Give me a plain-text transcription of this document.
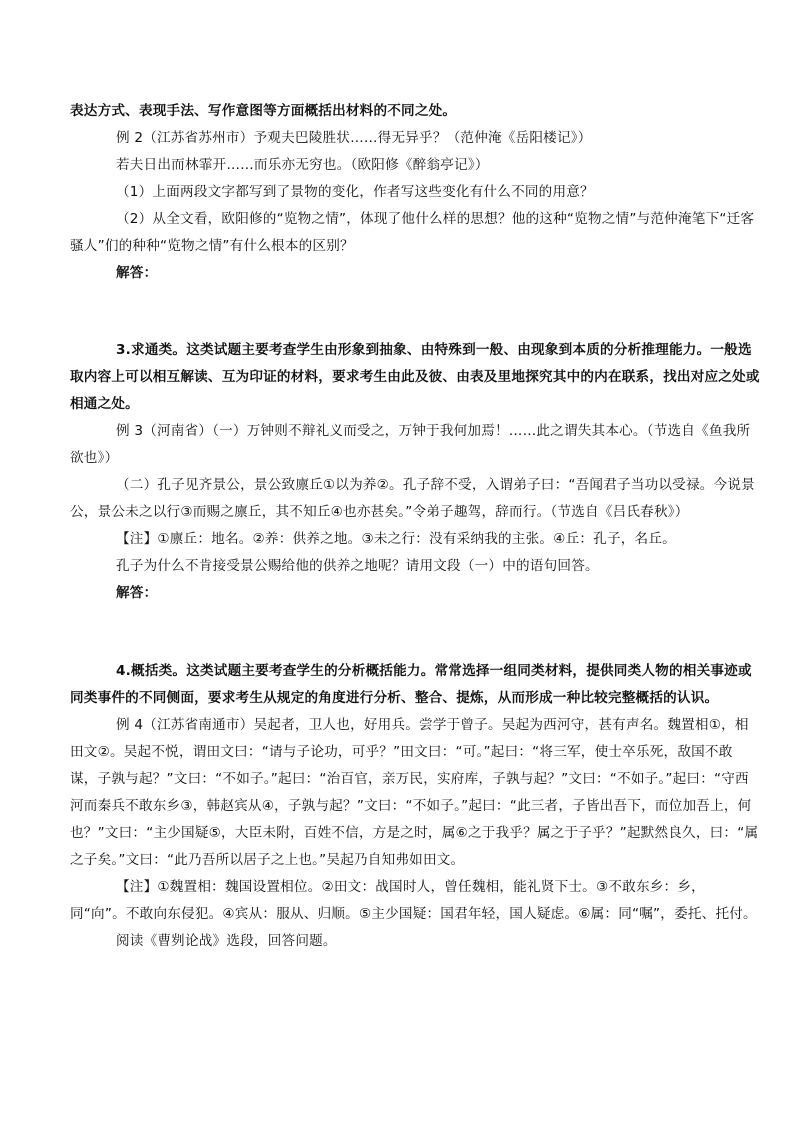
表达方式、表现手法、写作意图等方面概括出材料的不同之处。

例 2（江苏省苏州市）予观夫巴陵胜状……得无异乎？（范仲淹《岳阳楼记》）

若夫日出而林霏开……而乐亦无穷也。（欧阳修《醉翁亭记》）

（1）上面两段文字都写到了景物的变化，作者写这些变化有什么不同的用意？

（2）从全文看，欧阳修的“览物之情”，体现了他什么样的思想？他的这种“览物之情”与范仲淹笔下“迁客骚人”们的种种“览物之情”有什么根本的区别？

解答：

3.求通类。这类试题主要考查学生由形象到抽象、由特殊到一般、由现象到本质的分析推理能力。一般选取内容上可以相互解读、互为印证的材料，要求考生由此及彼、由表及里地探究其中的内在联系，找出对应之处或相通之处。

例 3（河南省）（一）万钟则不辩礼义而受之，万钟于我何加焉！……此之谓失其本心。（节选自《鱼我所欲也》）

（二）孔子见齐景公，景公致廪丘①以为养②。孔子辞不受，入谓弟子曰：“吾闻君子当功以受禄。今说景公，景公未之以行③而赐之廪丘，其不知丘④也亦甚矣。”令弟子趣驾，辞而行。（节选自《吕氏春秋》）

【注】①廪丘：地名。②养：供养之地。③未之行：没有采纳我的主张。④丘：孔子，名丘。

孔子为什么不肯接受景公赐给他的供养之地呢？请用文段（一）中的语句回答。

解答：

4.概括类。这类试题主要考查学生的分析概括能力。常常选择一组同类材料，提供同类人物的相关事迹或同类事件的不同侧面，要求考生从规定的角度进行分析、整合、提炼，从而形成一种比较完整概括的认识。

例 4（江苏省南通市）吴起者，卫人也，好用兵。尝学于曾子。吴起为西河守，甚有声名。魏置相①，相田文②。吴起不悦，谓田文曰：“请与子论功，可乎？”田文曰：“可。”起曰：“将三军，使士卒乐死，敌国不敢谋，子孰与起？”文曰：“不如子。”起曰：“治百官，亲万民，实府库，子孰与起？”文曰：“不如子。”起曰：“守西河而秦兵不敢东乡③，韩赵宾从④，子孰与起？”文曰：“不如子。”起曰：“此三者，子皆出吾下，而位加吾上，何也？”文曰：“主少国疑⑤，大臣未附，百姓不信，方是之时，属⑥之于我乎？属之于子乎？”起默然良久，曰：“属之子矣。”文曰：“此乃吾所以居子之上也。”吴起乃自知弗如田文。

【注】①魏置相：魏国设置相位。②田文：战国时人，曾任魏相，能礼贤下士。③不敢东乡：乡，同“向”。不敢向东侵犯。④宾从：服从、归顺。⑤主少国疑：国君年轻，国人疑虑。⑥属：同“嘱”，委托、托付。

阅读《曹刿论战》选段，回答问题。
